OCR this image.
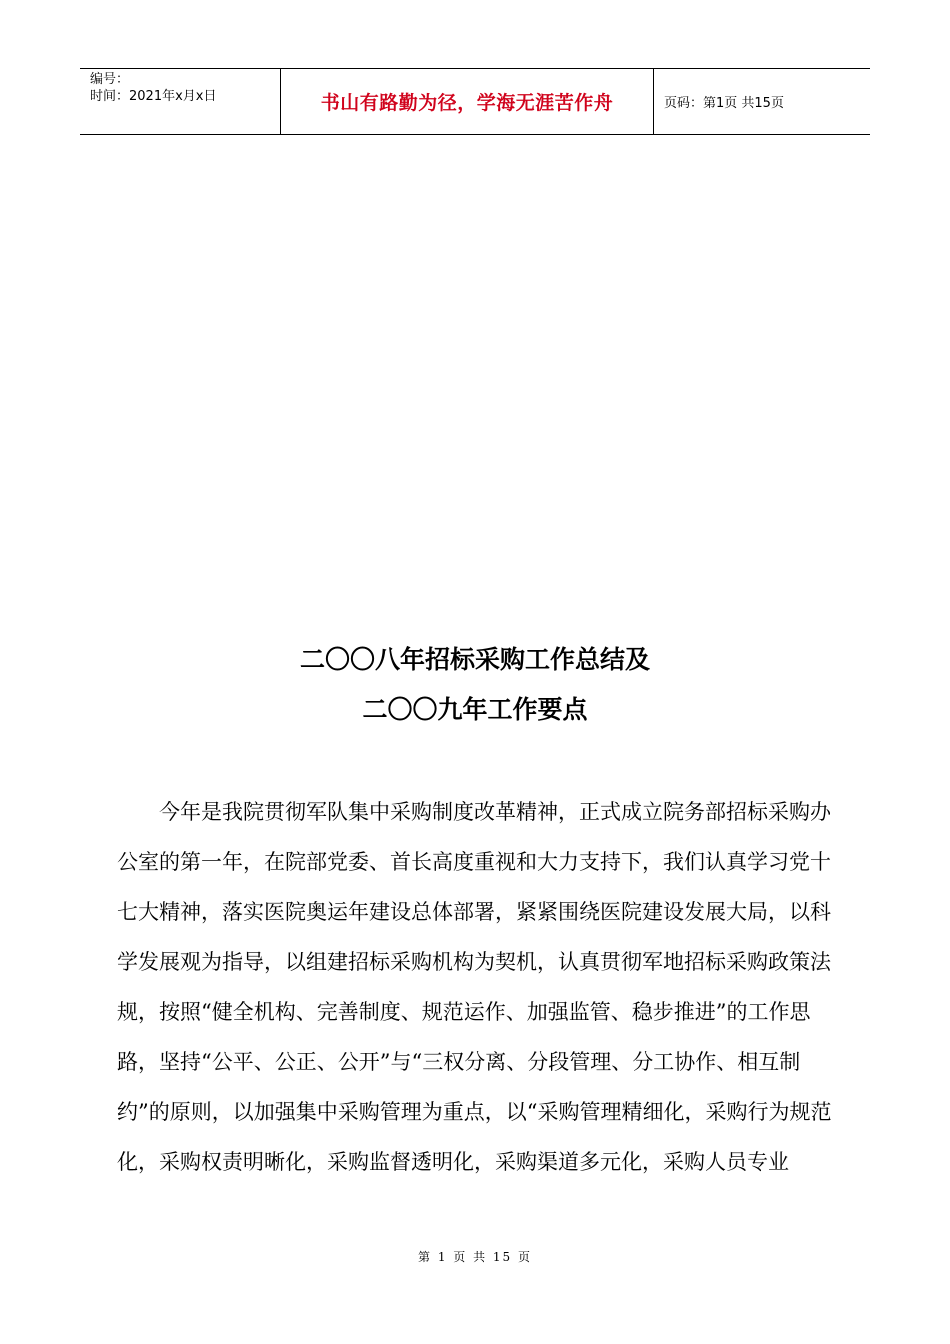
编号：
时间：2021年x月x日	书山有路勤为径，学海无涯苦作舟	页码：第1页 共15页
二〇〇八年招标采购工作总结及
二〇〇九年工作要点

今年是我院贯彻军队集中采购制度改革精神，正式成立院务部招标采购办公室的第一年，在院部党委、首长高度重视和大力支持下，我们认真学习党十七大精神，落实医院奥运年建设总体部署，紧紧围绕医院建设发展大局，以科学发展观为指导，以组建招标采购机构为契机，认真贯彻军地招标采购政策法规，按照“健全机构、完善制度、规范运作、加强监管、稳步推进”的工作思路，坚持“公平、公正、公开”与“三权分离、分段管理、分工协作、相互制约”的原则，以加强集中采购管理为重点，以“采购管理精细化，采购行为规范化，采购权责明晰化，采购监督透明化，采购渠道多元化，采购人员专业

第 1 页 共 15 页
